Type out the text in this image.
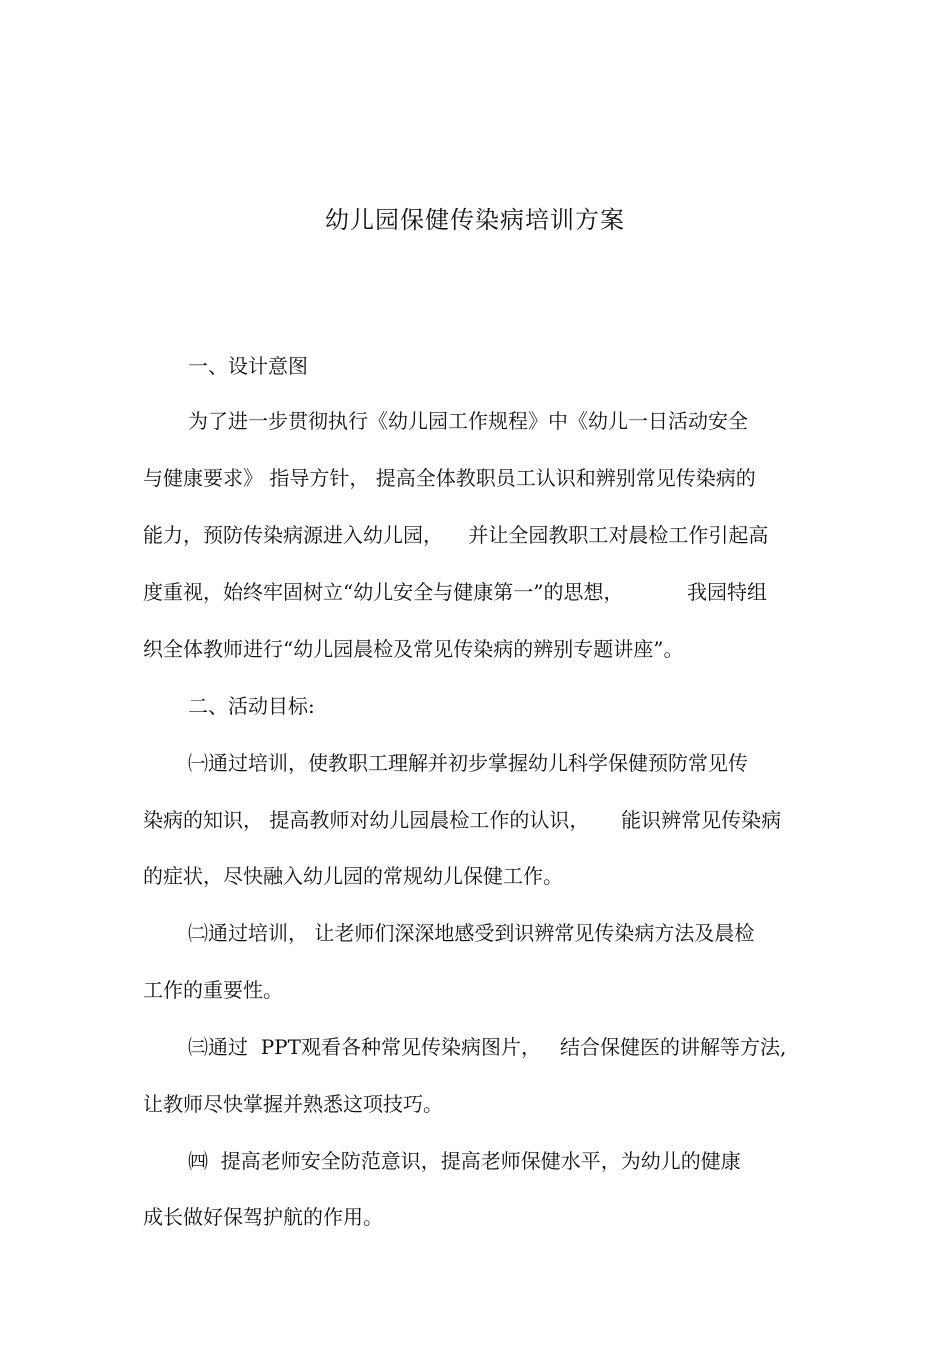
幼儿园保健传染病培训方案
一、设计意图
为了进一步贯彻执行《幼儿园工作规程》中《幼儿一日活动安全
与健康要求》 指导方针， 提高全体教职员工认识和辨别常见传染病的
能力，预防传染病源进入幼儿园，    并让全园教职工对晨检工作引起高
度重视，始终牢固树立“幼儿安全与健康第一”的思想，          我园特组
织全体教师进行“幼儿园晨检及常见传染病的辨别专题讲座”。
二、活动目标:
㈠通过培训，使教职工理解并初步掌握幼儿科学保健预防常见传
染病的知识， 提高教师对幼儿园晨检工作的认识，     能识辨常见传染病
的症状，尽快融入幼儿园的常规幼儿保健工作。
㈡通过培训， 让老师们深深地感受到识辨常见传染病方法及晨检
工作的重要性。
㈢通过  PPT观看各种常见传染病图片，   结合保健医的讲解等方法,
让教师尽快掌握并熟悉这项技巧。
㈣  提高老师安全防范意识，提高老师保健水平，为幼儿的健康
成长做好保驾护航的作用。
